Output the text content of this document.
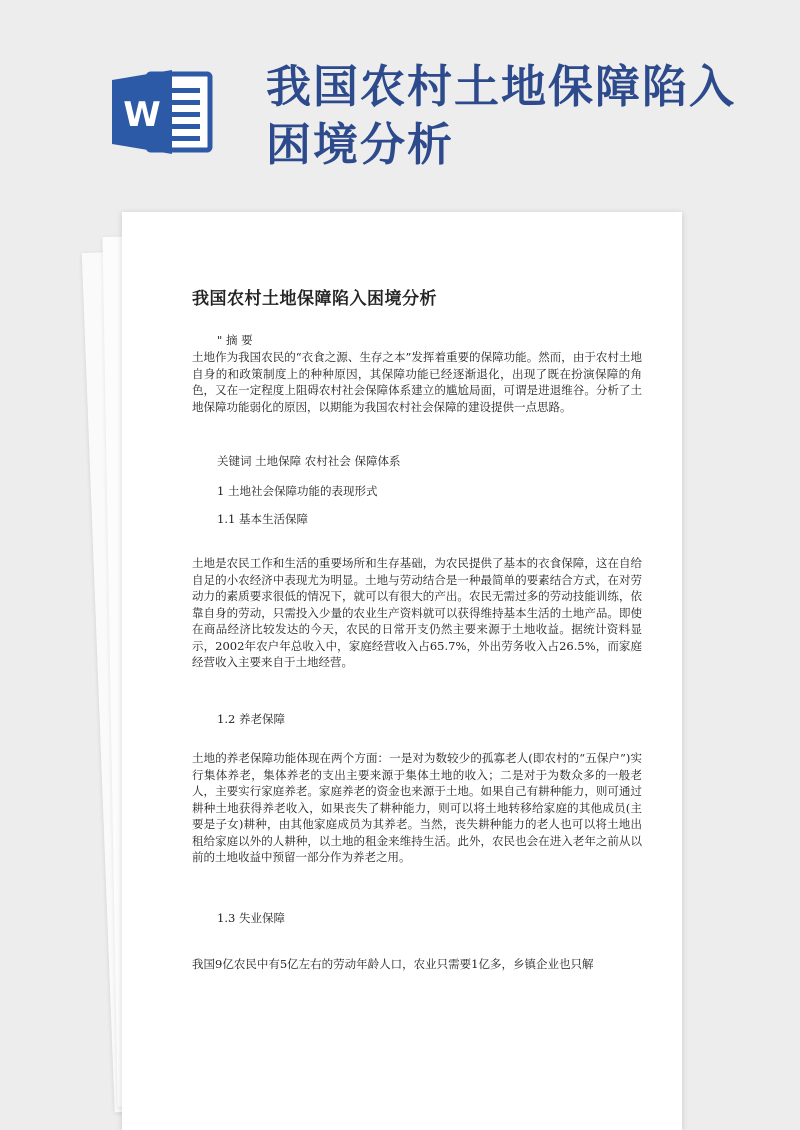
W
我国农村土地保障陷入困境分析
我国农村土地保障陷入困境分析

" 摘 要

土地作为我国农民的“衣食之源、生存之本”发挥着重要的保障功能。然而，由于农村土地自身的和政策制度上的种种原因，其保障功能已经逐渐退化，出现了既在扮演保障的角色，又在一定程度上阻碍农村社会保障体系建立的尴尬局面，可谓是进退维谷。分析了土地保障功能弱化的原因，以期能为我国农村社会保障的建设提供一点思路。

关键词 土地保障 农村社会 保障体系

1 土地社会保障功能的表现形式

1.1 基本生活保障

土地是农民工作和生活的重要场所和生存基础，为农民提供了基本的衣食保障，这在自给自足的小农经济中表现尤为明显。土地与劳动结合是一种最简单的要素结合方式，在对劳动力的素质要求很低的情况下，就可以有很大的产出。农民无需过多的劳动技能训练，依靠自身的劳动，只需投入少量的农业生产资料就可以获得维持基本生活的土地产品。即使在商品经济比较发达的今天，农民的日常开支仍然主要来源于土地收益。据统计资料显示，2002年农户年总收入中，家庭经营收入占65.7%，外出劳务收入占26.5%，而家庭经营收入主要来自于土地经营。

1.2 养老保障

土地的养老保障功能体现在两个方面：一是对为数较少的孤寡老人(即农村的“五保户”)实行集体养老，集体养老的支出主要来源于集体土地的收入；二是对于为数众多的一般老人，主要实行家庭养老。家庭养老的资金也来源于土地。如果自己有耕种能力，则可通过耕种土地获得养老收入，如果丧失了耕种能力，则可以将土地转移给家庭的其他成员(主要是子女)耕种，由其他家庭成员为其养老。当然，丧失耕种能力的老人也可以将土地出租给家庭以外的人耕种，以土地的租金来维持生活。此外，农民也会在进入老年之前从以前的土地收益中预留一部分作为养老之用。

1.3 失业保障

我国9亿农民中有5亿左右的劳动年龄人口，农业只需要1亿多，乡镇企业也只解
